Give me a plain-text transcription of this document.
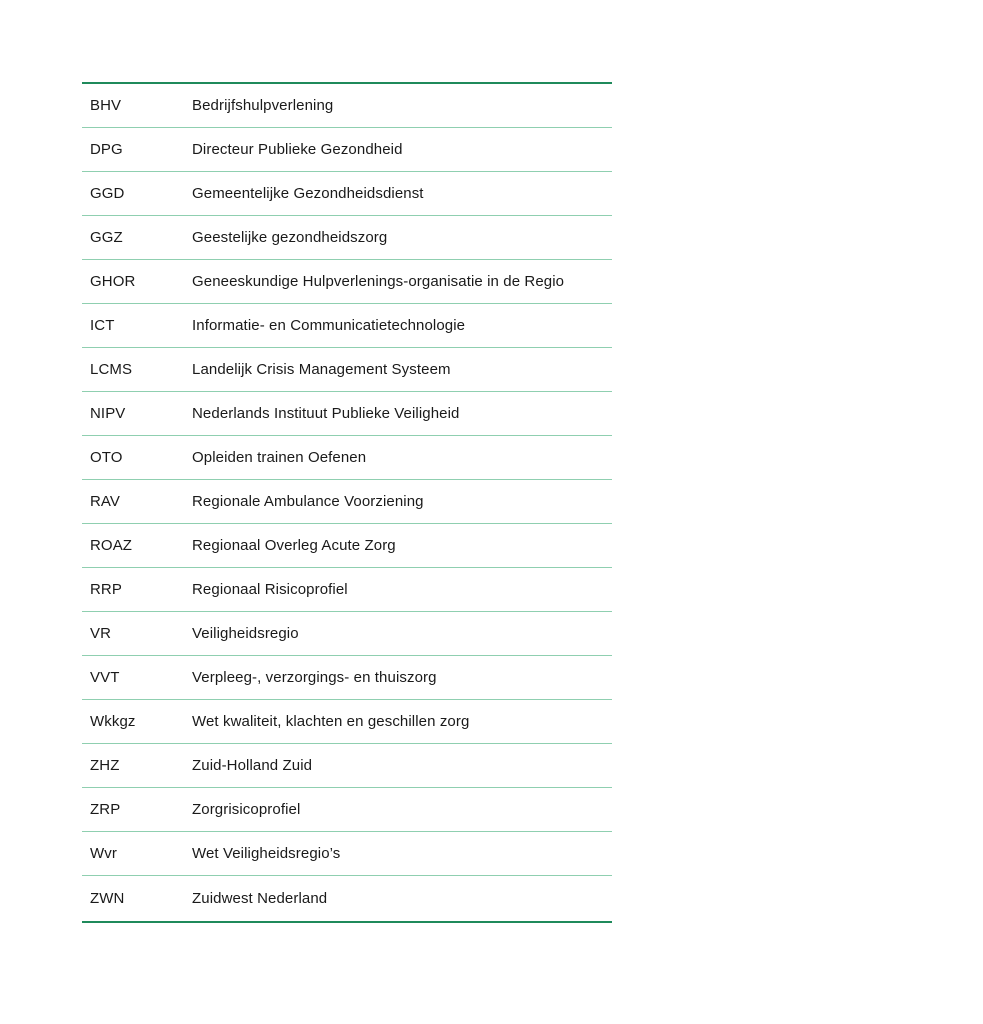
BHV	Bedrijfshulpverlening
DPG	Directeur Publieke Gezondheid
GGD	Gemeentelijke Gezondheidsdienst
GGZ	Geestelijke gezondheidszorg
GHOR	Geneeskundige Hulpverlenings-organisatie in de Regio
ICT	Informatie- en Communicatietechnologie
LCMS	Landelijk Crisis Management Systeem
NIPV	Nederlands Instituut Publieke Veiligheid
OTO	Opleiden trainen Oefenen
RAV	Regionale Ambulance Voorziening
ROAZ	Regionaal Overleg Acute Zorg
RRP	Regionaal Risicoprofiel
VR	Veiligheidsregio
VVT	Verpleeg-, verzorgings- en thuiszorg
Wkkgz	Wet kwaliteit, klachten en geschillen zorg
ZHZ	Zuid-Holland Zuid
ZRP	Zorgrisicoprofiel
Wvr	Wet Veiligheidsregio’s
ZWN	Zuidwest Nederland
